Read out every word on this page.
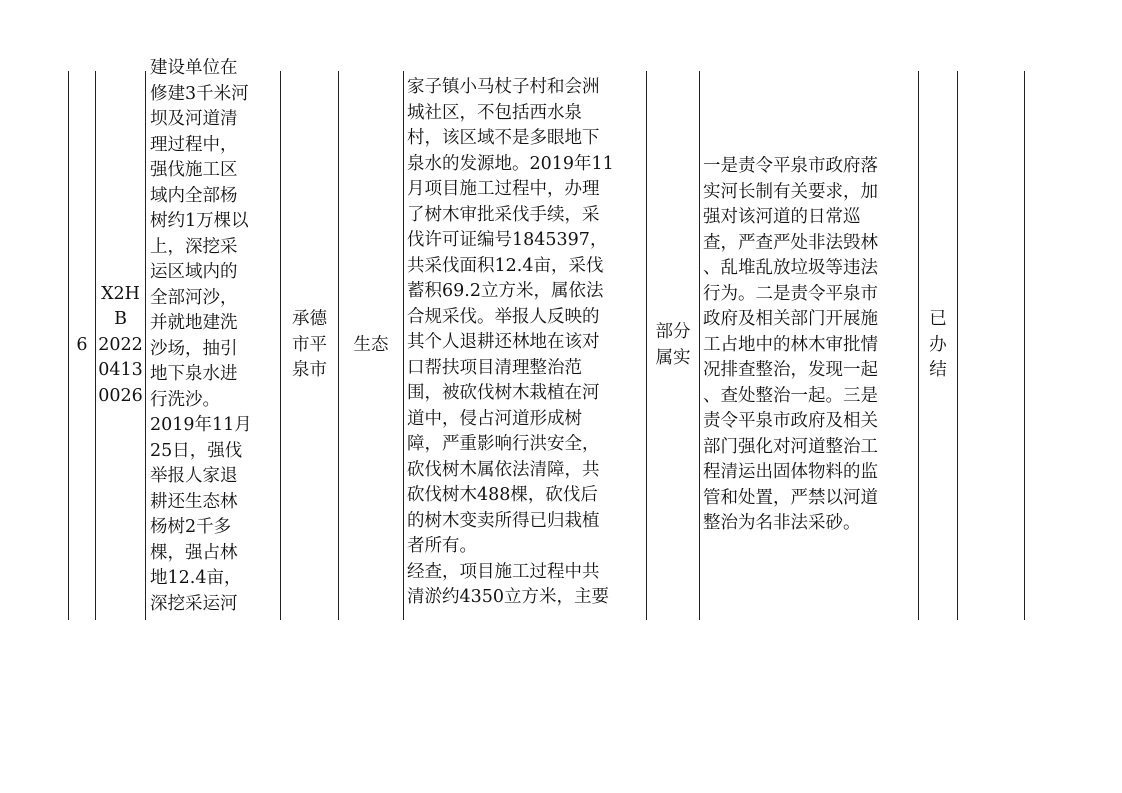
6
X2HB
2022
0413
0026

建设单位在
修建3千米河
坝及河道清
理过程中，
强伐施工区
域内全部杨
树约1万棵以
上，深挖采
运区域内的
全部河沙，
并就地建洗
沙场，抽引
地下泉水进
行洗沙。
2019年11月
25日，强伐
举报人家退
耕还生态林
杨树2千多
棵，强占林
地12.4亩，
深挖采运河

承德
市平
泉市
生态

家子镇小马杖子村和会洲
城社区，不包括西水泉
村，该区域不是多眼地下
泉水的发源地。2019年11
月项目施工过程中，办理
了树木审批采伐手续，采
伐许可证编号1845397，
共采伐面积12.4亩，采伐
蓄积69.2立方米，属依法
合规采伐。举报人反映的
其个人退耕还林地在该对
口帮扶项目清理整治范
围，被砍伐树木栽植在河
道中，侵占河道形成树
障，严重影响行洪安全，
砍伐树木属依法清障，共
砍伐树木488棵，砍伐后
的树木变卖所得已归栽植
者所有。
经查，项目施工过程中共
清淤约4350立方米，主要

部分
属实
一是责令平泉市政府落
实河长制有关要求，加
强对该河道的日常巡
查，严查严处非法毁林
、乱堆乱放垃圾等违法
行为。二是责令平泉市
政府及相关部门开展施
工占地中的林木审批情
况排查整治，发现一起
、查处整治一起。三是
责令平泉市政府及相关
部门强化对河道整治工
程清运出固体物料的监
管和处置，严禁以河道
整治为名非法采砂。
已
办
结
